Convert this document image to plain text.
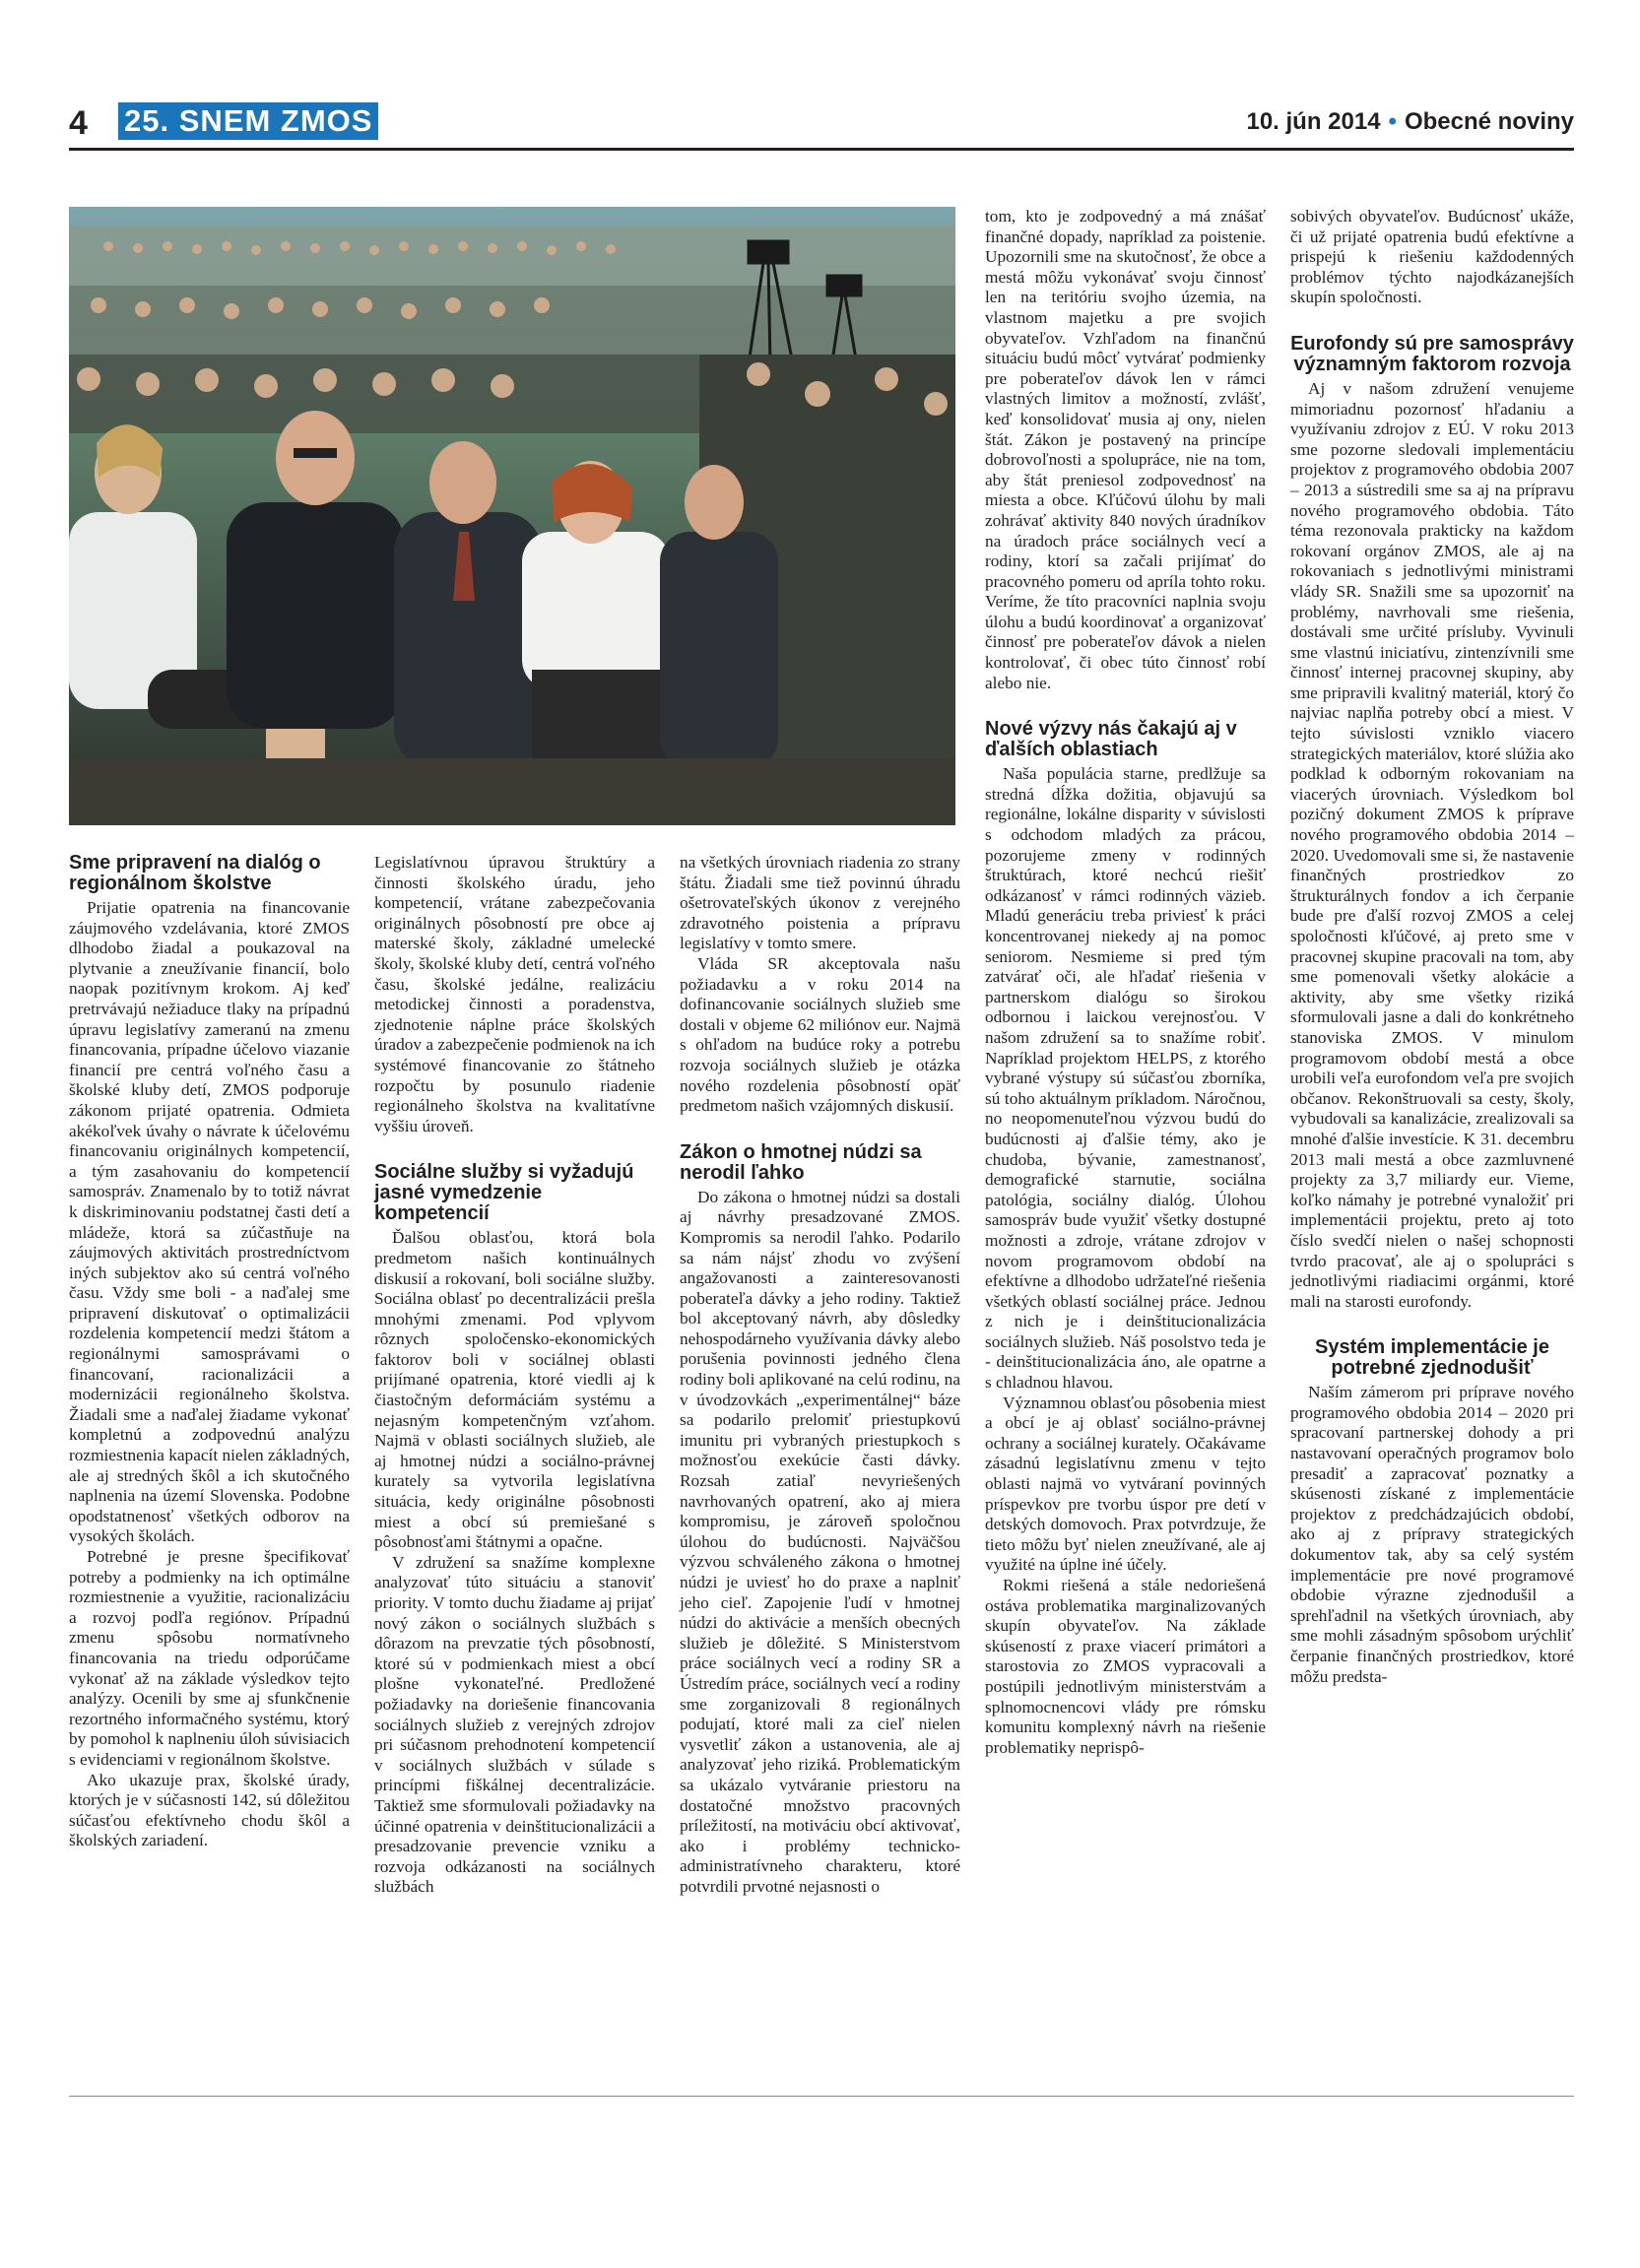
4 25. SNEM ZMOS	10. jún 2014 • Obecné noviny
Sme pripravení na dialóg o regionálnom školstve

Prijatie opatrenia na financovanie záujmového vzdelávania, ktoré ZMOS dlhodobo žiadal a poukazoval na plytvanie a zneužívanie financií, bolo naopak pozitívnym krokom. Aj keď pretrvávajú nežiaduce tlaky na prípadnú úpravu legislatívy zameranú na zmenu financovania, prípadne účelovo viazanie financií pre centrá voľného času a školské kluby detí, ZMOS podporuje zákonom prijaté opatrenia. Odmieta akékoľvek úvahy o návrate k účelovému financovaniu originálnych kompetencií, a tým zasahovaniu do kompetencií samospráv. Znamenalo by to totiž návrat k diskriminovaniu podstatnej časti detí a mládeže, ktorá sa zúčastňuje na záujmových aktivitách prostredníctvom iných subjektov ako sú centrá voľného času. Vždy sme boli - a naďalej sme pripravení diskutovať o optimalizácii rozdelenia kompetencií medzi štátom a regionálnymi samosprávami o financovaní, racionalizácii a modernizácii regionálneho školstva. Žiadali sme a naďalej žiadame vykonať kompletnú a zodpovednú analýzu rozmiestnenia kapacít nielen základných, ale aj stredných škôl a ich skutočného naplnenia na území Slovenska. Podobne opodstatnenosť všetkých odborov na vysokých školách.

Potrebné je presne špecifikovať potreby a podmienky na ich optimálne rozmiestnenie a využitie, racionalizáciu a rozvoj podľa regiónov. Prípadnú zmenu spôsobu normatívneho financovania na triedu odporúčame vykonať až na základe výsledkov tejto analýzy. Ocenili by sme aj sfunkčnenie rezortného informačného systému, ktorý by pomohol k naplneniu úloh súvisiacich s evidenciami v regionálnom školstve.

Ako ukazuje prax, školské úrady, ktorých je v súčasnosti 142, sú dôležitou súčasťou efektívneho chodu škôl a školských zariadení.

Legislatívnou úpravou štruktúry a činnosti školského úradu, jeho kompetencií, vrátane zabezpečovania originálnych pôsobností pre obce aj materské školy, základné umelecké školy, školské kluby detí, centrá voľného času, školské jedálne, realizáciu metodickej činnosti a poradenstva, zjednotenie náplne práce školských úradov a zabezpečenie podmienok na ich systémové financovanie zo štátneho rozpočtu by posunulo riadenie regionálneho školstva na kvalitatívne vyššiu úroveň.

Sociálne služby si vyžadujú jasné vymedzenie kompetencií

Ďalšou oblasťou, ktorá bola predmetom našich kontinuálnych diskusií a rokovaní, boli sociálne služby. Sociálna oblasť po decentralizácii prešla mnohými zmenami. Pod vplyvom rôznych spoločensko-ekonomických faktorov boli v sociálnej oblasti prijímané opatrenia, ktoré viedli aj k čiastočným deformáciám systému a nejasným kompetenčným vzťahom. Najmä v oblasti sociálnych služieb, ale aj hmotnej núdzi a sociálno-právnej kurately sa vytvorila legislatívna situácia, kedy originálne pôsobnosti miest a obcí sú premiešané s pôsobnosťami štátnymi a opačne.

V združení sa snažíme komplexne analyzovať túto situáciu a stanoviť priority. V tomto duchu žiadame aj prijať nový zákon o sociálnych službách s dôrazom na prevzatie tých pôsobností, ktoré sú v podmienkach miest a obcí plošne vykonateľné. Predložené požiadavky na doriešenie financovania sociálnych služieb z verejných zdrojov pri súčasnom prehodnotení kompetencií v sociálnych službách v súlade s princípmi fiškálnej decentralizácie. Taktiež sme sformulovali požiadavky na účinné opatrenia v deinštitucionalizácii a presadzovanie prevencie vzniku a rozvoja odkázanosti na sociálnych službách

na všetkých úrovniach riadenia zo strany štátu. Žiadali sme tiež povinnú úhradu ošetrovateľských úkonov z verejného zdravotného poistenia a prípravu legislatívy v tomto smere.

Vláda SR akceptovala našu požiadavku a v roku 2014 na dofinancovanie sociálnych služieb sme dostali v objeme 62 miliónov eur. Najmä s ohľadom na budúce roky a potrebu rozvoja sociálnych služieb je otázka nového rozdelenia pôsobností opäť predmetom našich vzájomných diskusií.

Zákon o hmotnej núdzi sa nerodil ľahko

Do zákona o hmotnej núdzi sa dostali aj návrhy presadzované ZMOS. Kompromis sa nerodil ľahko. Podarilo sa nám nájsť zhodu vo zvýšení angažovanosti a zainteresovanosti poberateľa dávky a jeho rodiny. Taktiež bol akceptovaný návrh, aby dôsledky nehospodárneho využívania dávky alebo porušenia povinnosti jedného člena rodiny boli aplikované na celú rodinu, na v úvodzovkách „experimentálnej“ báze sa podarilo prelomiť priestupkovú imunitu pri vybraných priestupkoch s možnosťou exekúcie časti dávky. Rozsah zatiaľ nevyriešených navrhovaných opatrení, ako aj miera kompromisu, je zároveň spoločnou úlohou do budúcnosti. Najväčšou výzvou schváleného zákona o hmotnej núdzi je uviesť ho do praxe a naplniť jeho cieľ. Zapojenie ľudí v hmotnej núdzi do aktivácie a menších obecných služieb je dôležité. S Ministerstvom práce sociálnych vecí a rodiny SR a Ústredím práce, sociálnych vecí a rodiny sme zorganizovali 8 regionálnych podujatí, ktoré mali za cieľ nielen vysvetliť zákon a ustanovenia, ale aj analyzovať jeho riziká. Problematickým sa ukázalo vytváranie priestoru na dostatočné množstvo pracovných príležitostí, na motiváciu obcí aktivovať, ako i problémy technicko-administratívneho charakteru, ktoré potvrdili prvotné nejasnosti o

tom, kto je zodpovedný a má znášať finančné dopady, napríklad za poistenie. Upozornili sme na skutočnosť, že obce a mestá môžu vykonávať svoju činnosť len na teritóriu svojho územia, na vlastnom majetku a pre svojich obyvateľov. Vzhľadom na finančnú situáciu budú môcť vytvárať podmienky pre poberateľov dávok len v rámci vlastných limitov a možností, zvlášť, keď konsolidovať musia aj ony, nielen štát. Zákon je postavený na princípe dobrovoľnosti a spolupráce, nie na tom, aby štát preniesol zodpovednosť na miesta a obce. Kľúčovú úlohu by mali zohrávať aktivity 840 nových úradníkov na úradoch práce sociálnych vecí a rodiny, ktorí sa začali prijímať do pracovného pomeru od apríla tohto roku. Veríme, že títo pracovníci naplnia svoju úlohu a budú koordinovať a organizovať činnosť pre poberateľov dávok a nielen kontrolovať, či obec túto činnosť robí alebo nie.

Nové výzvy nás čakajú aj v ďalších oblastiach

Naša populácia starne, predlžuje sa stredná dĺžka dožitia, objavujú sa regionálne, lokálne disparity v súvislosti s odchodom mladých za prácou, pozorujeme zmeny v rodinných štruktúrach, ktoré nechcú riešiť odkázanosť v rámci rodinných väzieb. Mladú generáciu treba priviesť k práci koncentrovanej niekedy aj na pomoc seniorom. Nesmieme si pred tým zatvárať oči, ale hľadať riešenia v partnerskom dialógu so širokou odbornou i laickou verejnosťou. V našom združení sa to snažíme robiť. Napríklad projektom HELPS, z ktorého vybrané výstupy sú súčasťou zborníka, sú toho aktuálnym príkladom. Náročnou, no neopomenuteľnou výzvou budú do budúcnosti aj ďalšie témy, ako je chudoba, bývanie, zamestnanosť, demografické starnutie, sociálna patológia, sociálny dialóg. Úlohou samospráv bude využiť všetky dostupné možnosti a zdroje, vrátane zdrojov v novom programovom období na efektívne a dlhodobo udržateľné riešenia všetkých oblastí sociálnej práce. Jednou z nich je i deinštitucionalizácia sociálnych služieb. Náš posolstvo teda je - deinštitucionalizácia áno, ale opatrne a s chladnou hlavou.

Významnou oblasťou pôsobenia miest a obcí je aj oblasť sociálno-právnej ochrany a sociálnej kurately. Očakávame zásadnú legislatívnu zmenu v tejto oblasti najmä vo vytváraní povinných príspevkov pre tvorbu úspor pre detí v detských domovoch. Prax potvrdzuje, že tieto môžu byť nielen zneužívané, ale aj využité na úplne iné účely.

Rokmi riešená a stále nedoriešená ostáva problematika marginalizovaných skupín obyvateľov. Na základe skúseností z praxe viacerí primátori a starostovia zo ZMOS vypracovali a postúpili jednotlivým ministerstvám a splnomocnencovi vlády pre rómsku komunitu komplexný návrh na riešenie problematiky neprispô-

sobivých obyvateľov. Budúcnosť ukáže, či už prijaté opatrenia budú efektívne a prispejú k riešeniu každodenných problémov týchto najodkázanejších skupín spoločnosti.

Eurofondy sú pre samosprávy významným faktorom rozvoja

Aj v našom združení venujeme mimoriadnu pozornosť hľadaniu a využívaniu zdrojov z EÚ. V roku 2013 sme pozorne sledovali implementáciu projektov z programového obdobia 2007 – 2013 a sústredili sme sa aj na prípravu nového programového obdobia. Táto téma rezonovala prakticky na každom rokovaní orgánov ZMOS, ale aj na rokovaniach s jednotlivými ministrami vlády SR. Snažili sme sa upozorniť na problémy, navrhovali sme riešenia, dostávali sme určité prísluby. Vyvinuli sme vlastnú iniciatívu, zintenzívnili sme činnosť internej pracovnej skupiny, aby sme pripravili kvalitný materiál, ktorý čo najviac naplňa potreby obcí a miest. V tejto súvislosti vzniklo viacero strategických materiálov, ktoré slúžia ako podklad k odborným rokovaniam na viacerých úrovniach. Výsledkom bol pozičný dokument ZMOS k príprave nového programového obdobia 2014 – 2020. Uvedomovali sme si, že nastavenie finančných prostriedkov zo štrukturálnych fondov a ich čerpanie bude pre ďalší rozvoj ZMOS a celej spoločnosti kľúčové, aj preto sme v pracovnej skupine pracovali na tom, aby sme pomenovali všetky alokácie a aktivity, aby sme všetky riziká sformulovali jasne a dali do konkrétneho stanoviska ZMOS. V minulom programovom období mestá a obce urobili veľa eurofondom veľa pre svojich občanov. Rekonštruovali sa cesty, školy, vybudovali sa kanalizácie, zrealizovali sa mnohé ďalšie investície. K 31. decembru 2013 mali mestá a obce zazmluvnené projekty za 3,7 miliardy eur. Vieme, koľko námahy je potrebné vynaložiť pri implementácii projektu, preto aj toto číslo svedčí nielen o našej schopnosti tvrdo pracovať, ale aj o spolupráci s jednotlivými riadiacimi orgánmi, ktoré mali na starosti eurofondy.

Systém implementácie je potrebné zjednodušiť

Naším zámerom pri príprave nového programového obdobia 2014 – 2020 pri spracovaní partnerskej dohody a pri nastavovaní operačných programov bolo presadiť a zapracovať poznatky a skúsenosti získané z implementácie projektov z predchádzajúcich období, ako aj z prípravy strategických dokumentov tak, aby sa celý systém implementácie pre nové programové obdobie výrazne zjednodušil a sprehľadnil na všetkých úrovniach, aby sme mohli zásadným spôsobom urýchliť čerpanie finančných prostriedkov, ktoré môžu predsta-
